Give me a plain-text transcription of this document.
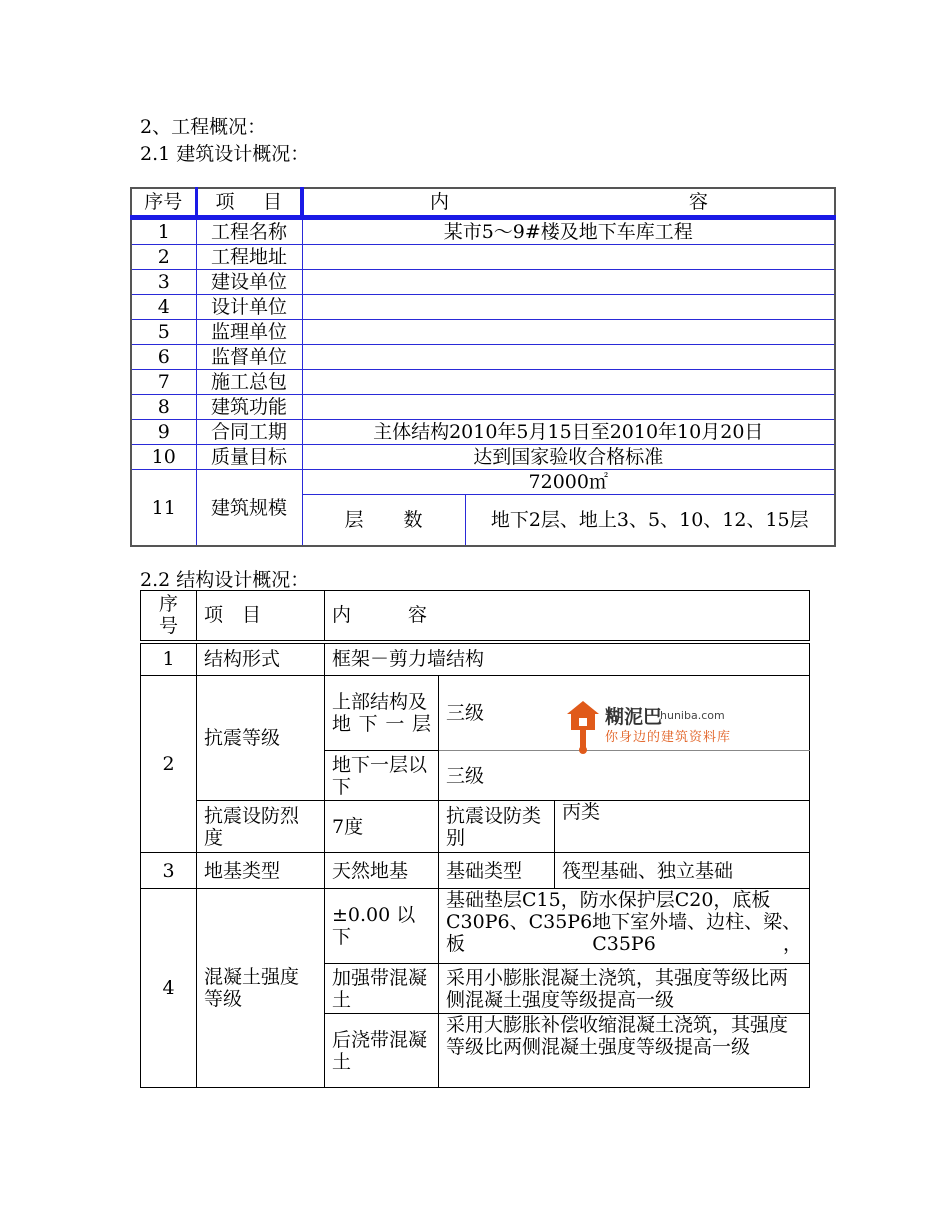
2、工程概况：
2.1 建筑设计概况：
序号	项 目	内 容	

1	工程名称	某市5～9#楼及地下车库工程	
2	工程地址		
3	建设单位		
4	设计单位		
5	监理单位		
6	监督单位		
7	施工总包		
8	建筑功能		
9	合同工期	主体结构2010年5月15日至2010年10月20日	
10	质量目标	达到国家验收合格标准	
11	建筑规模	72000㎡	

		层 数	地下2层、地上3、5、10、12、15层
2.2 结构设计概况：
序号	项　目	内　　　容		
1	结构形式	框架－剪力墙结构		
2	抗震等级	上部结构及地下一层	三级	
		地下一层以下	三级	
	抗震设防烈度	7度	抗震设防类别	丙类
3	地基类型	天然地基	基础类型	筏型基础、独立基础
4	混凝土强度等级	±0.00 以下	基础垫层C15，防水保护层C20，底板C30P6、C35P6地下室外墙、边柱、梁、板C35P6，	
		加强带混凝土	采用小膨胀混凝土浇筑，其强度等级比两侧混凝土强度等级提高一级	
		后浇带混凝土	采用大膨胀补偿收缩混凝土浇筑，其强度等级比两侧混凝土强度等级提高一级	
糊泥巴
huniba.com
你身边的建筑资料库
